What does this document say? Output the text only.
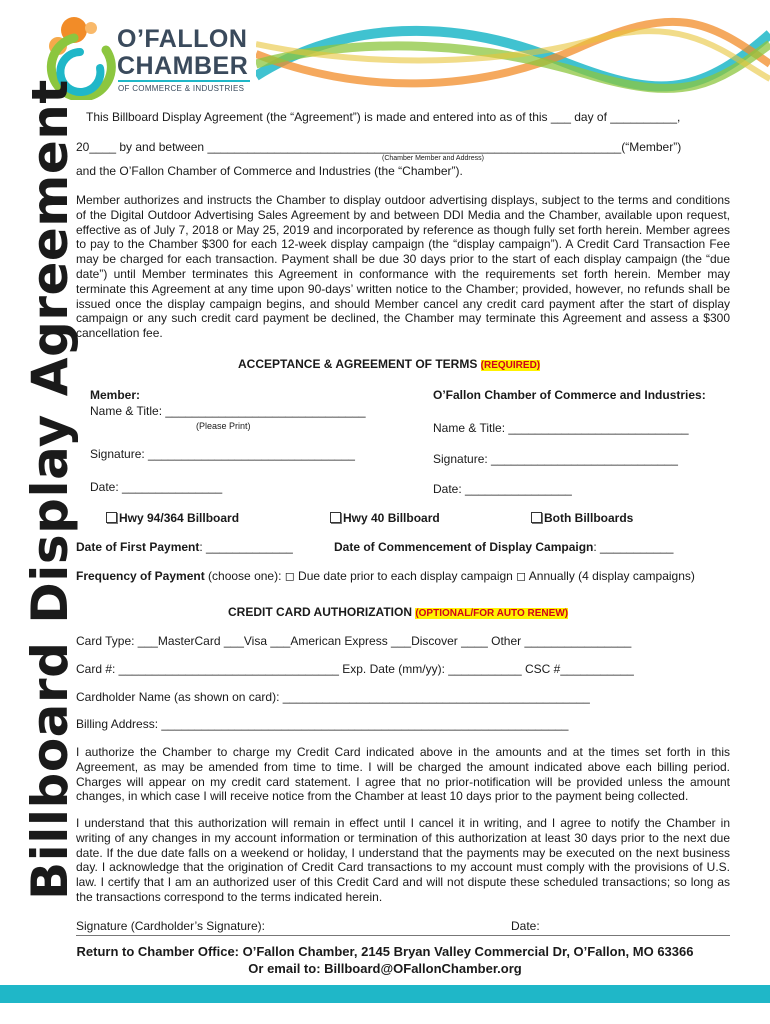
O’FALLON
CHAMBER
OF COMMERCE & INDUSTRIES
Billboard Display Agreement This Billboard Display Agreement (the “Agreement”) is made and entered into as of this ___ day of __________,
20____ by and between ______________________________________________________________(“Member”)
(Chamber Member and Address)
and the O’Fallon Chamber of Commerce and Industries (the “Chamber”).
Member authorizes and instructs the Chamber to display outdoor advertising displays, subject to the terms and conditions of the Digital Outdoor Advertising Sales Agreement by and between DDI Media and the Chamber, available upon request, effective as of July 7, 2018 or May 25, 2019 and incorporated by reference as though fully set forth herein. Member agrees to pay to the Chamber $300 for each 12-week display campaign (the “display campaign”). A Credit Card Transaction Fee may be charged for each transaction. Payment shall be due 30 days prior to the start of each display campaign (the “due date”) until Member terminates this Agreement in conformance with the requirements set forth herein. Member may terminate this Agreement at any time upon 90-days’ written notice to the Chamber; provided, however, no refunds shall be issued once the display campaign begins, and should Member cancel any credit card payment after the start of display campaign or any such credit card payment be declined, the Chamber may terminate this Agreement and assess a $300 cancellation fee.
ACCEPTANCE & AGREEMENT OF TERMS (REQUIRED)
Member:
Name & Title: ______________________________
(Please Print)
Signature: _______________________________
Date: _______________
O’Fallon Chamber of Commerce and Industries:
Name & Title: ___________________________
Signature: ____________________________
Date: ________________
Hwy 94/364 Billboard	Hwy 40 Billboard	Both Billboards
Date of First Payment: _____________	Date of Commencement of Display Campaign: ___________
Frequency of Payment (choose one): ◻ Due date prior to each display campaign ◻ Annually (4 display campaigns)
CREDIT CARD AUTHORIZATION (OPTIONAL/FOR AUTO RENEW)
Card Type: ___MasterCard ___Visa ___American Express ___Discover ____ Other ________________
Card #: _________________________________ Exp. Date (mm/yy): ___________ CSC #___________
Cardholder Name (as shown on card): ______________________________________________
Billing Address: _____________________________________________________________
I authorize the Chamber to charge my Credit Card indicated above in the amounts and at the times set forth in this Agreement, as may be amended from time to time. I will be charged the amount indicated above each billing period. Charges will appear on my credit card statement. I agree that no prior-notification will be provided unless the amount changes, in which case I will receive notice from the Chamber at least 10 days prior to the payment being collected.
I understand that this authorization will remain in effect until I cancel it in writing, and I agree to notify the Chamber in writing of any changes in my account information or termination of this authorization at least 30 days prior to the next due date. If the due date falls on a weekend or holiday, I understand that the payments may be executed on the next business day. I acknowledge that the origination of Credit Card transactions to my account must comply with the provisions of U.S. law. I certify that I am an authorized user of this Credit Card and will not dispute these scheduled transactions; so long as the transactions correspond to the terms indicated herein.
Signature (Cardholder’s Signature):	Date:
Return to Chamber Office: O’Fallon Chamber, 2145 Bryan Valley Commercial Dr, O’Fallon, MO 63366
Or email to: Billboard@OFallonChamber.org
